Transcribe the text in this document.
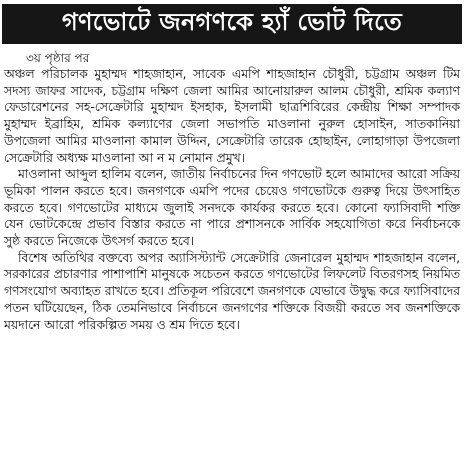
গণভোটে জনগণকে হ্যাঁ ভোট দিতে
৩য় পৃষ্ঠার পর

অঞ্চল পরিচালক মুহাম্মদ শাহজাহান, সাবেক এমপি শাহজাহান চৌধুরী, চট্টগ্রাম অঞ্চল টিম সদস্য জাফর সাদেক, চট্টগ্রাম দক্ষিণ জেলা আমির আনোয়ারুল আলম চৌধুরী, শ্রমিক কল্যাণ ফেডারেশনের সহ-সেক্রেটারি মুহাম্মদ ইসহাক, ইসলামী ছাত্রশিবিরের কেন্দ্রীয় শিক্ষা সম্পাদক মুহাম্মদ ইব্রাহিম, শ্রমিক কল্যাণের জেলা সভাপতি মাওলানা নুরুল হোসাইন, সাতকানিয়া উপজেলা আমির মাওলানা কামাল উদ্দিন, সেক্রেটারি তারেক হোছাইন, লোহাগাড়া উপজেলা সেক্রেটারি অধ্যক্ষ মাওলানা আ ন ম নোমান প্রমুখ।

মাওলানা আব্দুল হালিম বলেন, জাতীয় নির্বাচনের দিন গণভোট হলে আমাদের আরো সক্রিয় ভূমিকা পালন করতে হবে। জনগণকে এমপি পদের চেয়েও গণভোটকে গুরুত্ব দিয়ে উৎসাহিত করতে হবে। গণভোটের মাধ্যমে জুলাই সনদকে কার্যকর করতে হবে। কোনো ফ্যাসিবাদী শক্তি যেন ভোটকেন্দ্রে প্রভাব বিস্তার করতে না পারে প্রশাসনকে সার্বিক সহযোগিতা করে নির্বাচনকে সুষ্ঠ করতে নিজেকে উৎসর্গ করতে হবে।

বিশেষ অতিথির বক্তব্যে অপর অ্যাসিস্ট্যান্ট সেক্রেটারি জেনারেল মুহাম্মদ শাহজাহান বলেন, সরকারের প্রচারণার পাশাপাশি মানুষকে সচেতন করতে গণভোটের লিফলেট বিতরণসহ নিয়মিত গণসংযোগ অব্যাহত রাখতে হবে। প্রতিকূল পরিবেশে জনগণকে যেভাবে উদ্বুদ্ধ করে ফ্যাসিবাদের পতন ঘটিয়েছেন, ঠিক তেমনিভাবে নির্বাচনে জনগণের শক্তিকে বিজয়ী করতে সব জনশক্তিকে ময়দানে আরো পরিকল্পিত সময় ও শ্রম দিতে হবে।
